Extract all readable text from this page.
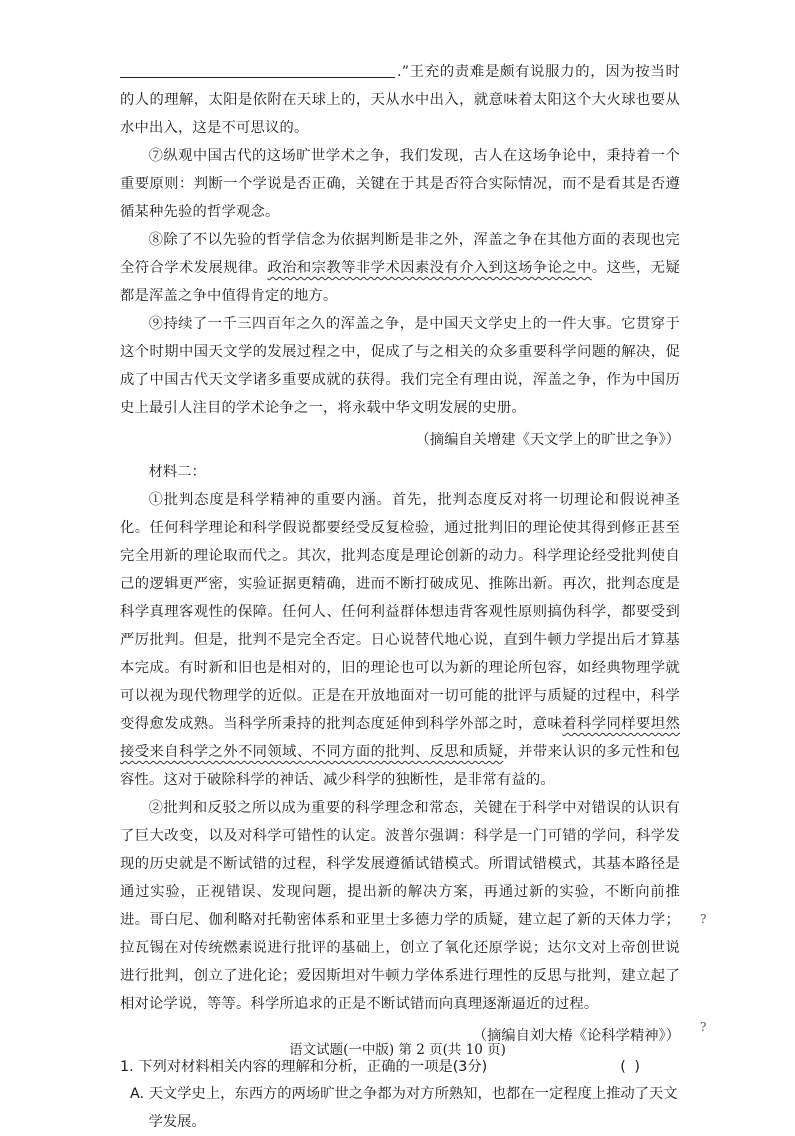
.”王充的责难是颇有说服力的，因为按当时的人的理解，太阳是依附在天球上的，天从水中出入，就意味着太阳这个大火球也要从水中出入，这是不可思议的。

⑦纵观中国古代的这场旷世学术之争，我们发现，古人在这场争论中，秉持着一个重要原则：判断一个学说是否正确，关键在于其是否符合实际情况，而不是看其是否遵循某种先验的哲学观念。

⑧除了不以先验的哲学信念为依据判断是非之外，浑盖之争在其他方面的表现也完全符合学术发展规律。政治和宗教等非学术因素没有介入到这场争论之中。这些，无疑都是浑盖之争中值得肯定的地方。

⑨持续了一千三四百年之久的浑盖之争，是中国天文学史上的一件大事。它贯穿于这个时期中国天文学的发展过程之中，促成了与之相关的众多重要科学问题的解决，促成了中国古代天文学诸多重要成就的获得。我们完全有理由说，浑盖之争，作为中国历史上最引人注目的学术论争之一，将永载中华文明发展的史册。

（摘编自关增建《天文学上的旷世之争》）

材料二：

①批判态度是科学精神的重要内涵。首先，批判态度反对将一切理论和假说神圣化。任何科学理论和科学假说都要经受反复检验，通过批判旧的理论使其得到修正甚至完全用新的理论取而代之。其次，批判态度是理论创新的动力。科学理论经受批判使自己的逻辑更严密，实验证据更精确，进而不断打破成见、推陈出新。再次，批判态度是科学真理客观性的保障。任何人、任何利益群体想违背客观性原则搞伪科学，都要受到严厉批判。但是，批判不是完全否定。日心说替代地心说，直到牛顿力学提出后才算基本完成。有时新和旧也是相对的，旧的理论也可以为新的理论所包容，如经典物理学就可以视为现代物理学的近似。正是在开放地面对一切可能的批评与质疑的过程中，科学变得愈发成熟。当科学所秉持的批判态度延伸到科学外部之时，意味着科学同样要坦然接受来自科学之外不同领域、不同方面的批判、反思和质疑，并带来认识的多元性和包容性。这对于破除科学的神话、减少科学的独断性，是非常有益的。

②批判和反驳之所以成为重要的科学理念和常态，关键在于科学中对错误的认识有了巨大改变，以及对科学可错性的认定。波普尔强调：科学是一门可错的学问，科学发现的历史就是不断试错的过程，科学发展遵循试错模式。所谓试错模式，其基本路径是通过实验，正视错误、发现问题，提出新的解决方案，再通过新的实验，不断向前推进。哥白尼、伽利略对托勒密体系和亚里士多德力学的质疑，建立起了新的天体力学；拉瓦锡在对传统燃素说进行批评的基础上，创立了氧化还原学说；达尔文对上帝创世说进行批判，创立了进化论；爱因斯坦对牛顿力学体系进行理性的反思与批判，建立起了相对论学说，等等。科学所追求的正是不断试错而向真理逐渐逼近的过程。

（摘编自刘大椿《论科学精神》）

1. 下列对材料相关内容的理解和分析，正确的一项是(3分)	( )

A. 天文学史上，东西方的两场旷世之争都为对方所熟知，也都在一定程度上推动了天文学发展。

语文试题(一中版) 第 2 页(共 10 页)
?
?
